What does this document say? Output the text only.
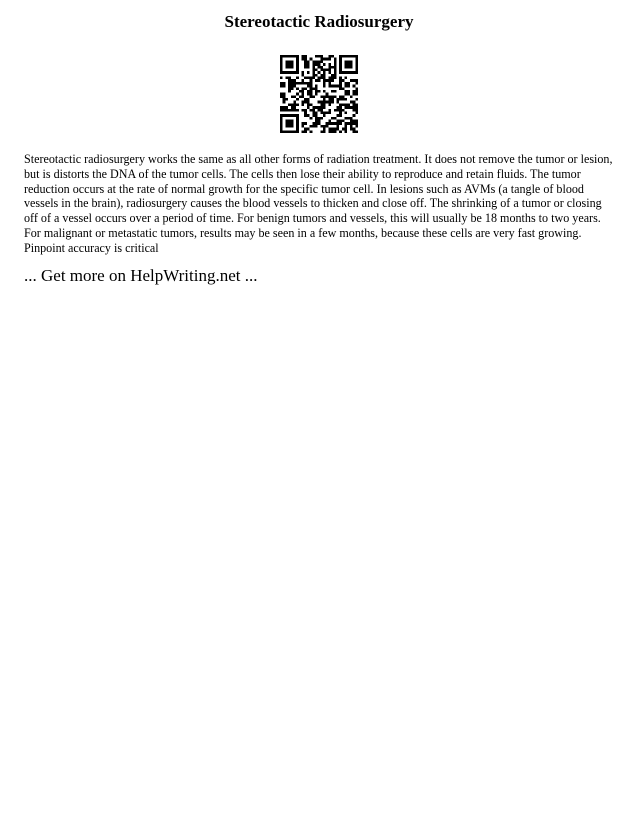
Stereotactic Radiosurgery

Stereotactic radiosurgery works the same as all other forms of radiation treatment. It does not remove the tumor or lesion, but is distorts the DNA of the tumor cells. The cells then lose their ability to reproduce and retain fluids. The tumor reduction occurs at the rate of normal growth for the specific tumor cell. In lesions such as AVMs (a tangle of blood vessels in the brain), radiosurgery causes the blood vessels to thicken and close off. The shrinking of a tumor or closing off of a vessel occurs over a period of time. For benign tumors and vessels, this will usually be 18 months to two years. For malignant or metastatic tumors, results may be seen in a few months, because these cells are very fast growing.

Pinpoint accuracy is critical

... Get more on HelpWriting.net ...
